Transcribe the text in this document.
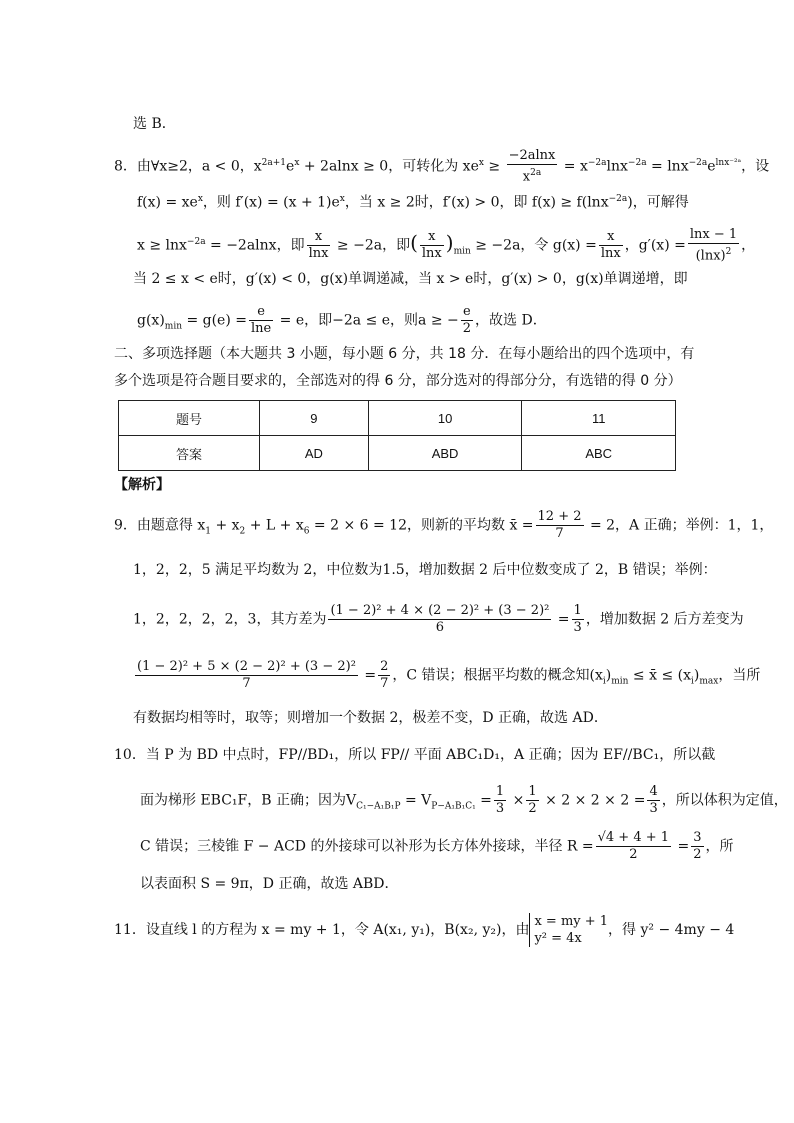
选 B．
8．由∀x≥2，a < 0，$x^{2a+1}e^x + 2alnx \ge 0$，可转化为 $xe^x \ge \frac{-2alnx}{x^{2a}} = x^{-2a}\ln x^{-2a} = \ln x^{-2a}e^{lnx^{-2}ᵃ}$，设
$f(x) = xe^x$，则 $f'(x) = (x + 1)e^x$，当 x ≥ 2时，f′(x) > 0，即 f(x) ≥ f(lnx$^{-2a}$)，可解得
x ≥ lnx$^{-2a}$ = −2alnx，即 $\frac{x}{\ln x} \ge -2a$，即( $\frac{x}{\ln x} )_{min} \ge -2a$，令 $g(x) = \frac{x}{\ln x}$ ，$g'(x) = \frac{\ln x - 1}{(\ln x)^2}$ ，
当 2 ≤ x < e时，g′(x) < 0，g(x)单调递减，当 x > e时，g′(x) > 0，g(x)单调递增，即
$g(x)_{min} = g(e) = \frac{e}{\ln e} = e$，即−2a ≤ e，则a ≥ − $\frac{e}{2}$ ，故选 D．
二、多项选择题（本大题共 3 小题，每小题 6 分，共 18 分．在每小题给出的四个选项中，有
多个选项是符合题目要求的，全部选对的得 6 分，部分选对的得部分分，有选错的得 0 分）
题号	9	10	11
答案	AD	ABD	ABC
【解析】
9．由题意得 $x_1 + x_2 + L + x_6 = 2 \times 6 = 12$，则新的平均数 x̄ = $\frac{12 + 2}{7} = 2$，A 正确；举例：1，1，
1，2，2，5 满足平均数为 2，中位数为1.5，增加数据 2 后中位数变成了 2，B 错误；举例：
1，2，2，2，2，3，其方差为 $\frac{\text{(1 − 2)² + 4 × (2 − 2)² + (3 − 2)²}}{6} = \frac{1}{3}$ ，增加数据 2 后方差变为
$\frac{\text{(1 − 2)² + 5 × (2 − 2)² + (3 − 2)²}}{7} = \frac{2}{7}$ ，C 错误；根据平均数的概念知$(x_i)_{min}$ ≤ x̄ ≤ $(x_i)_{max}$，当所
有数据均相等时，取等；则增加一个数据 2，极差不变，D 正确，故选 AD．
10．当 P 为 BD 中点时，FP//BD₁，所以 FP// 平面 ABC₁D₁，A 正确；因为 EF//BC₁，所以截
面为梯形 EBC₁F，B 正确；因为$V_{C_1-A_1B_1P} = V_{P-A_1B_1C_1} = \frac{1}{3} \times \frac{1}{2} \times 2 \times 2 \times 2 = \frac{4}{3}$ ，所以体积为定值，
C 错误；三棱锥 F − ACD 的外接球可以补形为长方体外接球，半径 $R = \frac{√4 + 4 + 1}{2} = \frac{3}{2}$ ，所
以表面积 S = 9π，D 正确，故选 ABD．
11．设直线 l 的方程为 x = my + 1，令 A(x₁, y₁)，B(x₂, y₂)，由
x = my + 1
y² = 4x
，得 y² − 4my − 4
